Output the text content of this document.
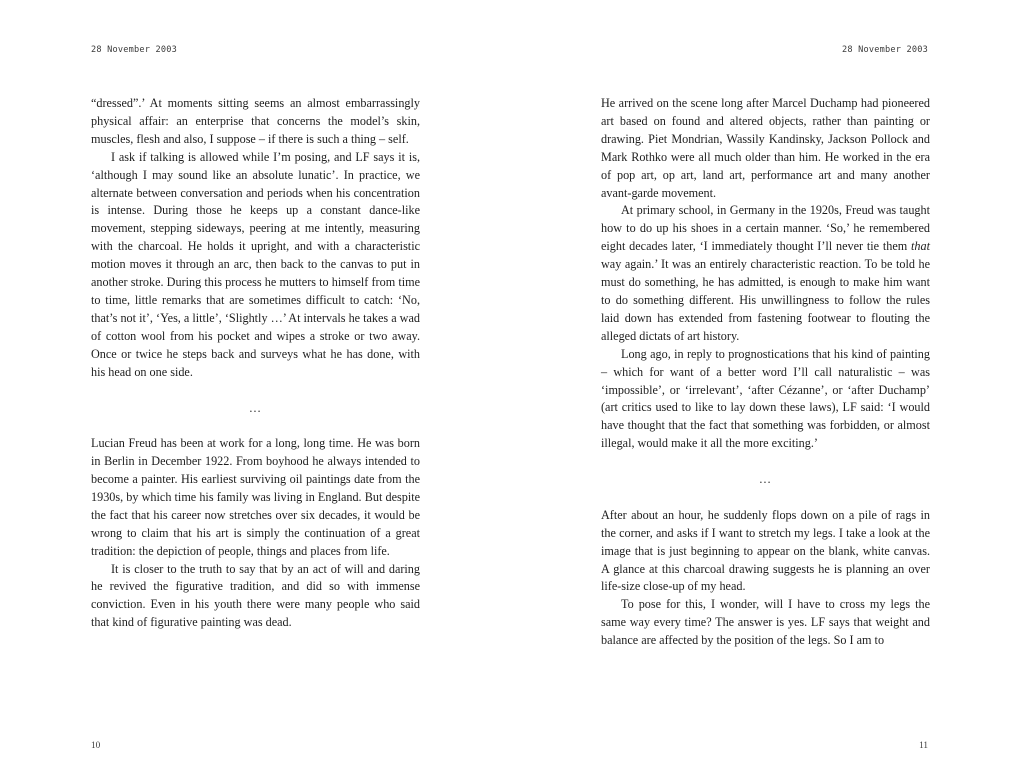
28 November 2003

“dressed”.’ At moments sitting seems an almost embarrassingly physical affair: an enterprise that concerns the model’s skin, muscles, flesh and also, I suppose – if there is such a thing – self.

I ask if talking is allowed while I’m posing, and LF says it is, ‘although I may sound like an absolute lunatic’. In practice, we alternate between conversation and periods when his concentration is intense. During those he keeps up a constant dance-like movement, stepping sideways, peering at me intently, measuring with the charcoal. He holds it upright, and with a characteristic motion moves it through an arc, then back to the canvas to put in another stroke. During this process he mutters to himself from time to time, little remarks that are sometimes difficult to catch: ‘No, that’s not it’, ‘Yes, a little’, ‘Slightly …’ At intervals he takes a wad of cotton wool from his pocket and wipes a stroke or two away. Once or twice he steps back and surveys what he has done, with his head on one side.

…

Lucian Freud has been at work for a long, long time. He was born in Berlin in December 1922. From boyhood he always intended to become a painter. His earliest surviving oil paintings date from the 1930s, by which time his family was living in England. But despite the fact that his career now stretches over six decades, it would be wrong to claim that his art is simply the continuation of a great tradition: the depiction of people, things and places from life.

It is closer to the truth to say that by an act of will and daring he revived the figurative tradition, and did so with immense conviction. Even in his youth there were many people who said that kind of figurative painting was dead.

10
28 November 2003

He arrived on the scene long after Marcel Duchamp had pioneered art based on found and altered objects, rather than painting or drawing. Piet Mondrian, Wassily Kandinsky, Jackson Pollock and Mark Rothko were all much older than him. He worked in the era of pop art, op art, land art, performance art and many another avant-garde movement.

At primary school, in Germany in the 1920s, Freud was taught how to do up his shoes in a certain manner. ‘So,’ he remembered eight decades later, ‘I immediately thought I’ll never tie them that way again.’ It was an entirely characteristic reaction. To be told he must do something, he has admitted, is enough to make him want to do something different. His unwillingness to follow the rules laid down has extended from fastening footwear to flouting the alleged dictats of art history.

Long ago, in reply to prognostications that his kind of painting – which for want of a better word I’ll call naturalistic – was ‘impossible’, or ‘irrelevant’, ‘after Cézanne’, or ‘after Duchamp’ (art critics used to like to lay down these laws), LF said: ‘I would have thought that the fact that something was forbidden, or almost illegal, would make it all the more exciting.’

…

After about an hour, he suddenly flops down on a pile of rags in the corner, and asks if I want to stretch my legs. I take a look at the image that is just beginning to appear on the blank, white canvas. A glance at this charcoal drawing suggests he is planning an over life-size close-up of my head.

To pose for this, I wonder, will I have to cross my legs the same way every time? The answer is yes. LF says that weight and balance are affected by the position of the legs. So I am to

11
